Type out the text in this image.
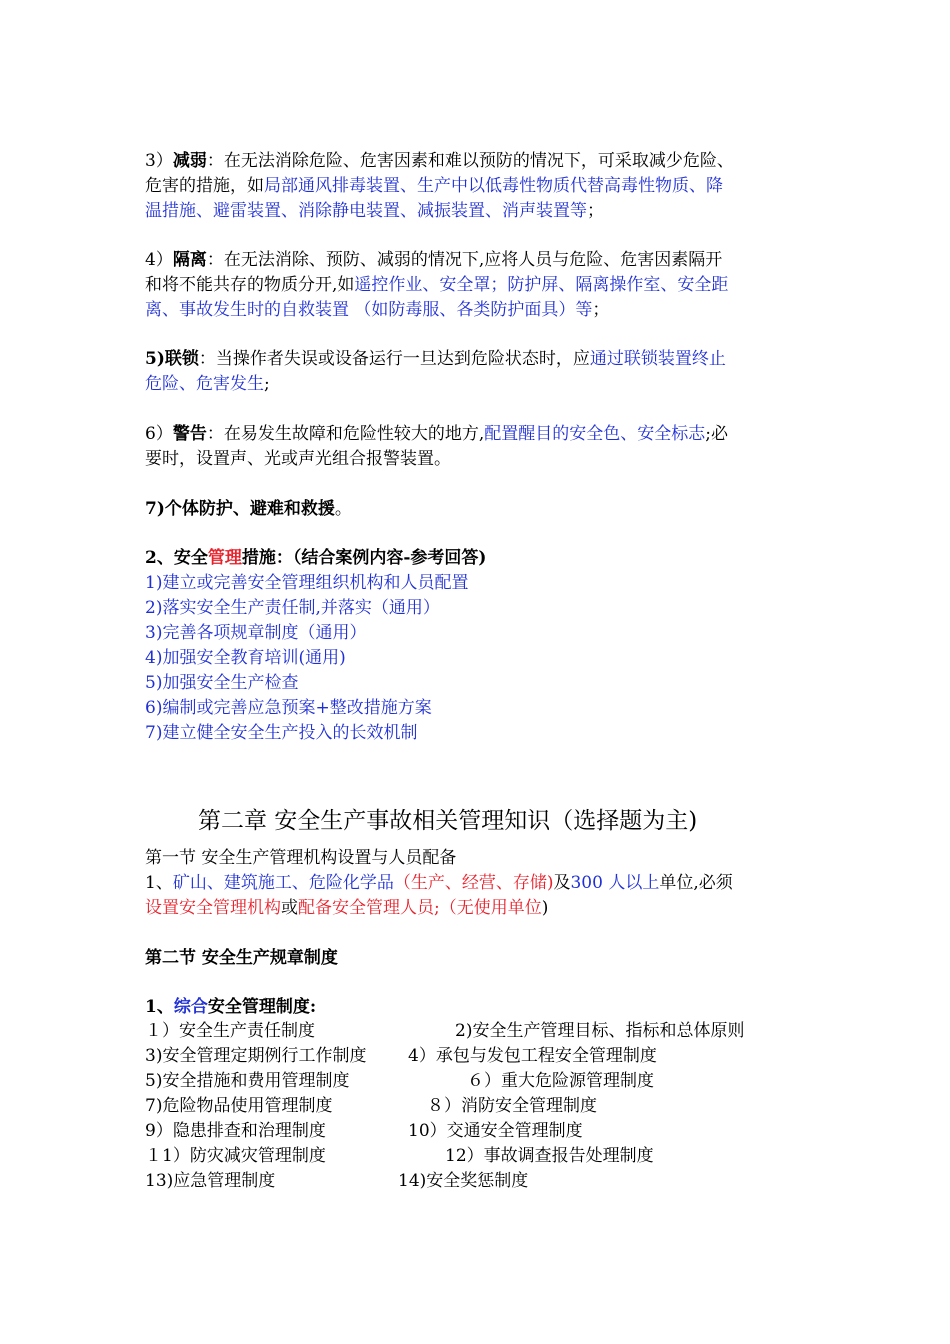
3）减弱：在无法消除危险、危害因素和难以预防的情况下，可采取减少危险、
危害的措施，如局部通风排毒装置、生产中以低毒性物质代替高毒性物质、降
温措施、避雷装置、消除静电装置、减振装置、消声装置等；
4）隔离：在无法消除、预防、减弱的情况下,应将人员与危险、危害因素隔开
和将不能共存的物质分开,如遥控作业、安全罩；防护屏、隔离操作室、安全距
离、事故发生时的自救装置 （如防毒服、各类防护面具）等；
5)联锁：当操作者失误或设备运行一旦达到危险状态时，应通过联锁装置终止
危险、危害发生;
6）警告：在易发生故障和危险性较大的地方,配置醒目的安全色、安全标志;必
要时，设置声、光或声光组合报警装置。
7)个体防护、避难和救援。
2、安全管理措施：（结合案例内容-参考回答)
1)建立或完善安全管理组织机构和人员配置
2)落实安全生产责任制,并落实（通用）
3)完善各项规章制度（通用）
4)加强安全教育培训(通用)
5)加强安全生产检查
6)编制或完善应急预案+整改措施方案
7)建立健全安全生产投入的长效机制
第二章 安全生产事故相关管理知识（选择题为主)
第一节 安全生产管理机构设置与人员配备
1、矿山、建筑施工、危险化学品（生产、经营、存储)及300 人以上单位,必须
设置安全管理机构或配备安全管理人员;（无使用单位)
第二节 安全生产规章制度
1、综合安全管理制度:
１）安全生产责任制度	2)安全生产管理目标、指标和总体原则
3)安全管理定期例行工作制度	4）承包与发包工程安全管理制度
5)安全措施和费用管理制度	６）重大危险源管理制度
7)危险物品使用管理制度	８）消防安全管理制度
9）隐患排查和治理制度	10）交通安全管理制度
１1）防灾减灾管理制度	12）事故调查报告处理制度
13)应急管理制度	14)安全奖惩制度
